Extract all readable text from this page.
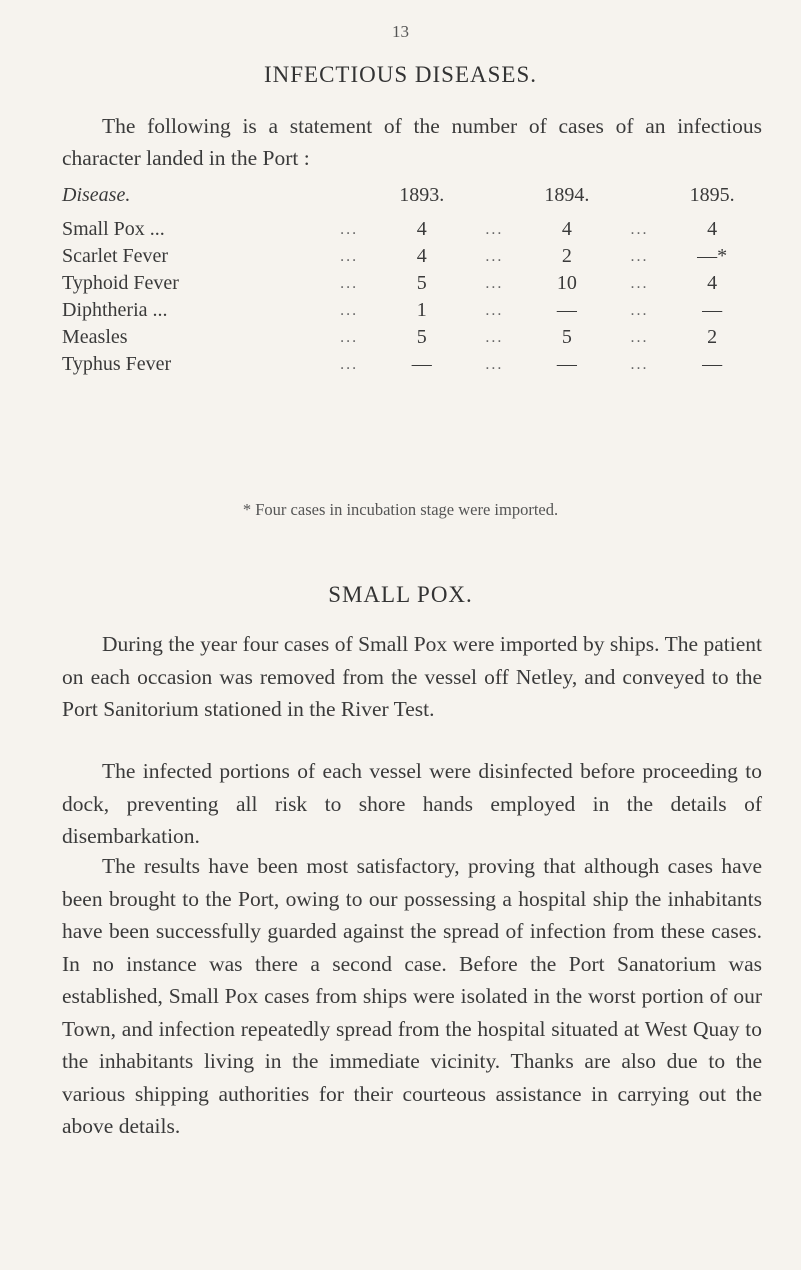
13
INFECTIOUS DISEASES.
The following is a statement of the number of cases of an infectious character landed in the Port :
Disease.		1893.		1894.		1895.
Small Pox ...	...	4	...	4	...	4
Scarlet Fever	...	4	...	2	...	—*
Typhoid Fever	...	5	...	10	...	4
Diphtheria ...	...	1	...	—	...	—
Measles	...	5	...	5	...	2
Typhus Fever	...	—	...	—	...	—
* Four cases in incubation stage were imported.
SMALL POX.

During the year four cases of Small Pox were imported by ships. The patient on each occasion was removed from the vessel off Netley, and conveyed to the Port Sanitorium stationed in the River Test.

The infected portions of each vessel were disinfected before proceeding to dock, preventing all risk to shore hands employed in the details of disembarkation.

The results have been most satisfactory, proving that although cases have been brought to the Port, owing to our possessing a hospital ship the inhabitants have been successfully guarded against the spread of infection from these cases. In no instance was there a second case. Before the Port Sanatorium was established, Small Pox cases from ships were isolated in the worst portion of our Town, and infection repeatedly spread from the hospital situated at West Quay to the inhabitants living in the immediate vicinity. Thanks are also due to the various shipping authorities for their courteous assistance in carrying out the above details.
